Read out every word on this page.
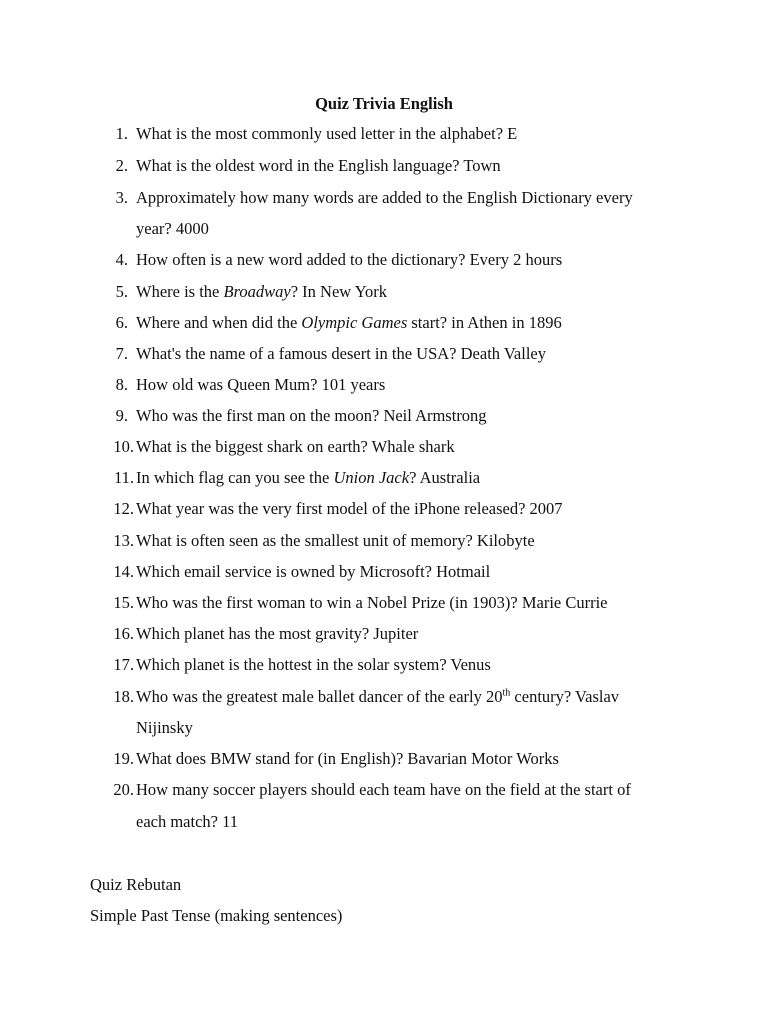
Quiz Trivia English
1. What is the most commonly used letter in the alphabet? E
2. What is the oldest word in the English language? Town
3. Approximately how many words are added to the English Dictionary every
year? 4000
4. How often is a new word added to the dictionary? Every 2 hours
5. Where is the Broadway? In New York
6. Where and when did the Olympic Games start? in Athen in 1896
7. What's the name of a famous desert in the USA? Death Valley
8. How old was Queen Mum? 101 years
9. Who was the first man on the moon? Neil Armstrong
10. What is the biggest shark on earth? Whale shark
11. In which flag can you see the Union Jack? Australia
12. What year was the very first model of the iPhone released? 2007
13. What is often seen as the smallest unit of memory? Kilobyte
14. Which email service is owned by Microsoft? Hotmail
15. Who was the first woman to win a Nobel Prize (in 1903)? Marie Currie
16. Which planet has the most gravity? Jupiter
17. Which planet is the hottest in the solar system? Venus
18. Who was the greatest male ballet dancer of the early 20th century? Vaslav
Nijinsky
19. What does BMW stand for (in English)? Bavarian Motor Works
20. How many soccer players should each team have on the field at the start of
each match? 11
Quiz Rebutan
Simple Past Tense (making sentences)
